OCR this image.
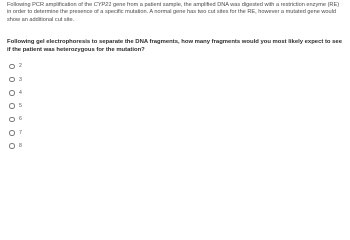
Following PCR amplification of the CYP21 gene from a patient sample, the amplified DNA was digested with a restriction enzyme (RE) in order to determine the presence of a specific mutation. A normal gene has two cut sites for the RE, however a mutated gene would show an additional cut site.

Following gel electrophoresis to separate the DNA fragments, how many fragments would you most likely expect to see if the patient was heterozygous for the mutation?

2
3
4
5
6
7
8
